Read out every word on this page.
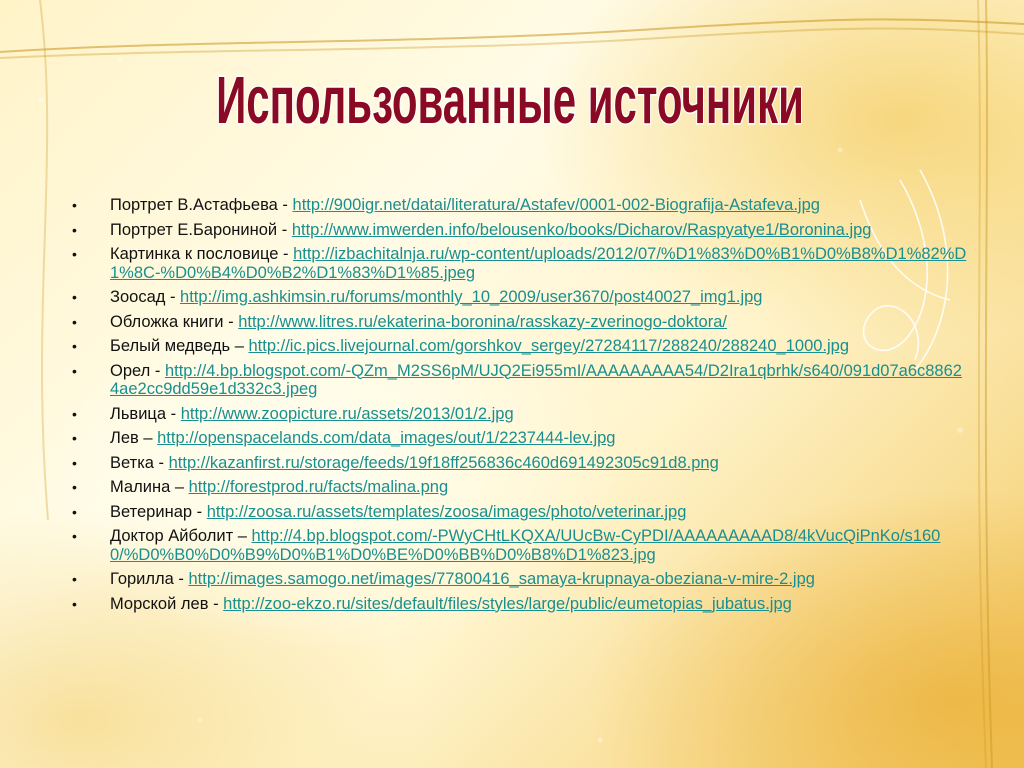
Использованные источники
• Портрет В.Астафьева - http://900igr.net/datai/literatura/Astafev/0001-002-Biografija-Astafeva.jpg
• Портрет Е.Барониной - http://www.imwerden.info/belousenko/books/Dicharov/Raspyatye1/Boronina.jpg
• Картинка к пословице - http://izbachitalnja.ru/wp-content/uploads/2012/07/%D1%83%D0%B1%D0%B8%D1%82%D1%8C-%D0%B4%D0%B2%D1%83%D1%85.jpeg
• Зоосад - http://img.ashkimsin.ru/forums/monthly_10_2009/user3670/post40027_img1.jpg
• Обложка книги - http://www.litres.ru/ekaterina-boronina/rasskazy-zverinogo-doktora/
• Белый медведь – http://ic.pics.livejournal.com/gorshkov_sergey/27284117/288240/288240_1000.jpg
• Орел - http://4.bp.blogspot.com/-QZm_M2SS6pM/UJQ2Ei955mI/AAAAAAAAA54/D2Ira1qbrhk/s640/091d07a6c88624ae2cc9dd59e1d332c3.jpeg
• Львица - http://www.zoopicture.ru/assets/2013/01/2.jpg
• Лев – http://openspacelands.com/data_images/out/1/2237444-lev.jpg
• Ветка - http://kazanfirst.ru/storage/feeds/19f18ff256836c460d691492305c91d8.png
• Малина – http://forestprod.ru/facts/malina.png
• Ветеринар - http://zoosa.ru/assets/templates/zoosa/images/photo/veterinar.jpg
• Доктор Айболит – http://4.bp.blogspot.com/-PWyCHtLKQXA/UUcBw-CyPDI/AAAAAAAAAD8/4kVucQiPnKo/s1600/%D0%B0%D0%B9%D0%B1%D0%BE%D0%BB%D0%B8%D1%823.jpg
• Горилла - http://images.samogo.net/images/77800416_samaya-krupnaya-obeziana-v-mire-2.jpg
• Морской лев - http://zoo-ekzo.ru/sites/default/files/styles/large/public/eumetopias_jubatus.jpg
